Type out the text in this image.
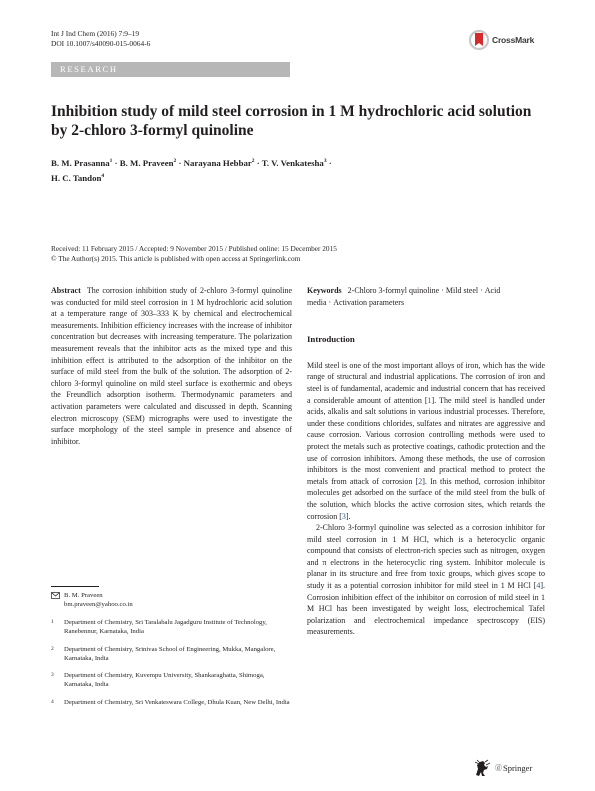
Int J Ind Chem (2016) 7:9–19
DOI 10.1007/s40090-015-0064-6	CrossMark
RESEARCH
Inhibition study of mild steel corrosion in 1 M hydrochloric acid solution by 2-chloro 3-formyl quinoline
B. M. Prasanna$^1$ · B. M. Praveen$^2$ · Narayana Hebbar$^2$ · T. V. Venkatesha$^3$ ·
H. C. Tandon$^4$
Received: 11 February 2015 / Accepted: 9 November 2015 / Published online: 15 December 2015
© The Author(s) 2015. This article is published with open access at Springerlink.com
Abstract The corrosion inhibition study of 2-chloro 3-formyl quinoline was conducted for mild steel corrosion in 1 M hydrochloric acid solution at a temperature range of 303–333 K by chemical and electrochemical measurements. Inhibition efficiency increases with the increase of inhibitor concentration but decreases with increasing temperature. The polarization measurement reveals that the inhibitor acts as the mixed type and this inhibition effect is attributed to the adsorption of the inhibitor on the surface of mild steel from the bulk of the solution. The adsorption of 2-chloro 3-formyl quinoline on mild steel surface is exothermic and obeys the Freundlich adsorption isotherm. Thermodynamic parameters and activation parameters were calculated and discussed in depth. Scanning electron microscopy (SEM) micrographs were used to investigate the surface morphology of the steel sample in presence and absence of inhibitor.
Keywords 2-Chloro 3-formyl quinoline · Mild steel · Acid media · Activation parameters
Introduction
Mild steel is one of the most important alloys of iron, which has the wide range of structural and industrial applications. The corrosion of iron and steel is of fundamental, academic and industrial concern that has received a considerable amount of attention [1]. The mild steel is handled under acids, alkalis and salt solutions in various industrial processes. Therefore, under these conditions chlorides, sulfates and nitrates are aggressive and cause corrosion. Various corrosion controlling methods were used to protect the metals such as protective coatings, cathodic protection and the use of corrosion inhibitors. Among these methods, the use of corrosion inhibitors is the most convenient and practical method to protect the metals from attack of corrosion [2]. In this method, corrosion inhibitor molecules get adsorbed on the surface of the mild steel from the bulk of the solution, which blocks the active corrosion sites, which retards the corrosion [3].
2-Chloro 3-formyl quinoline was selected as a corrosion inhibitor for mild steel corrosion in 1 M HCl, which is a heterocyclic organic compound that consists of electron-rich species such as nitrogen, oxygen and π electrons in the heterocyclic ring system. Inhibitor molecule is planar in its structure and free from toxic groups, which gives scope to study it as a potential corrosion inhibitor for mild steel in 1 M HCl [4]. Corrosion inhibition effect of the inhibitor on corrosion of mild steel in 1 M HCl has been investigated by weight loss, electrochemical Tafel polarization and electrochemical impedance spectroscopy (EIS) measurements.
B. M. Praveen
bm.praveen@yahoo.co.in
1	Department of Chemistry, Sri Taralabalu Jagadguru Institute of Technology, Ranebennur, Karnataka, India
2	Department of Chemistry, Srinivas School of Engineering, Mukka, Mangalore, Karnataka, India
3	Department of Chemistry, Kuvempu University, Shankaraghatta, Shimoga, Karnataka, India
4	Department of Chemistry, Sri Venkateswara College, Dhula Kuan, New Delhi, India
ⓓ Springer
